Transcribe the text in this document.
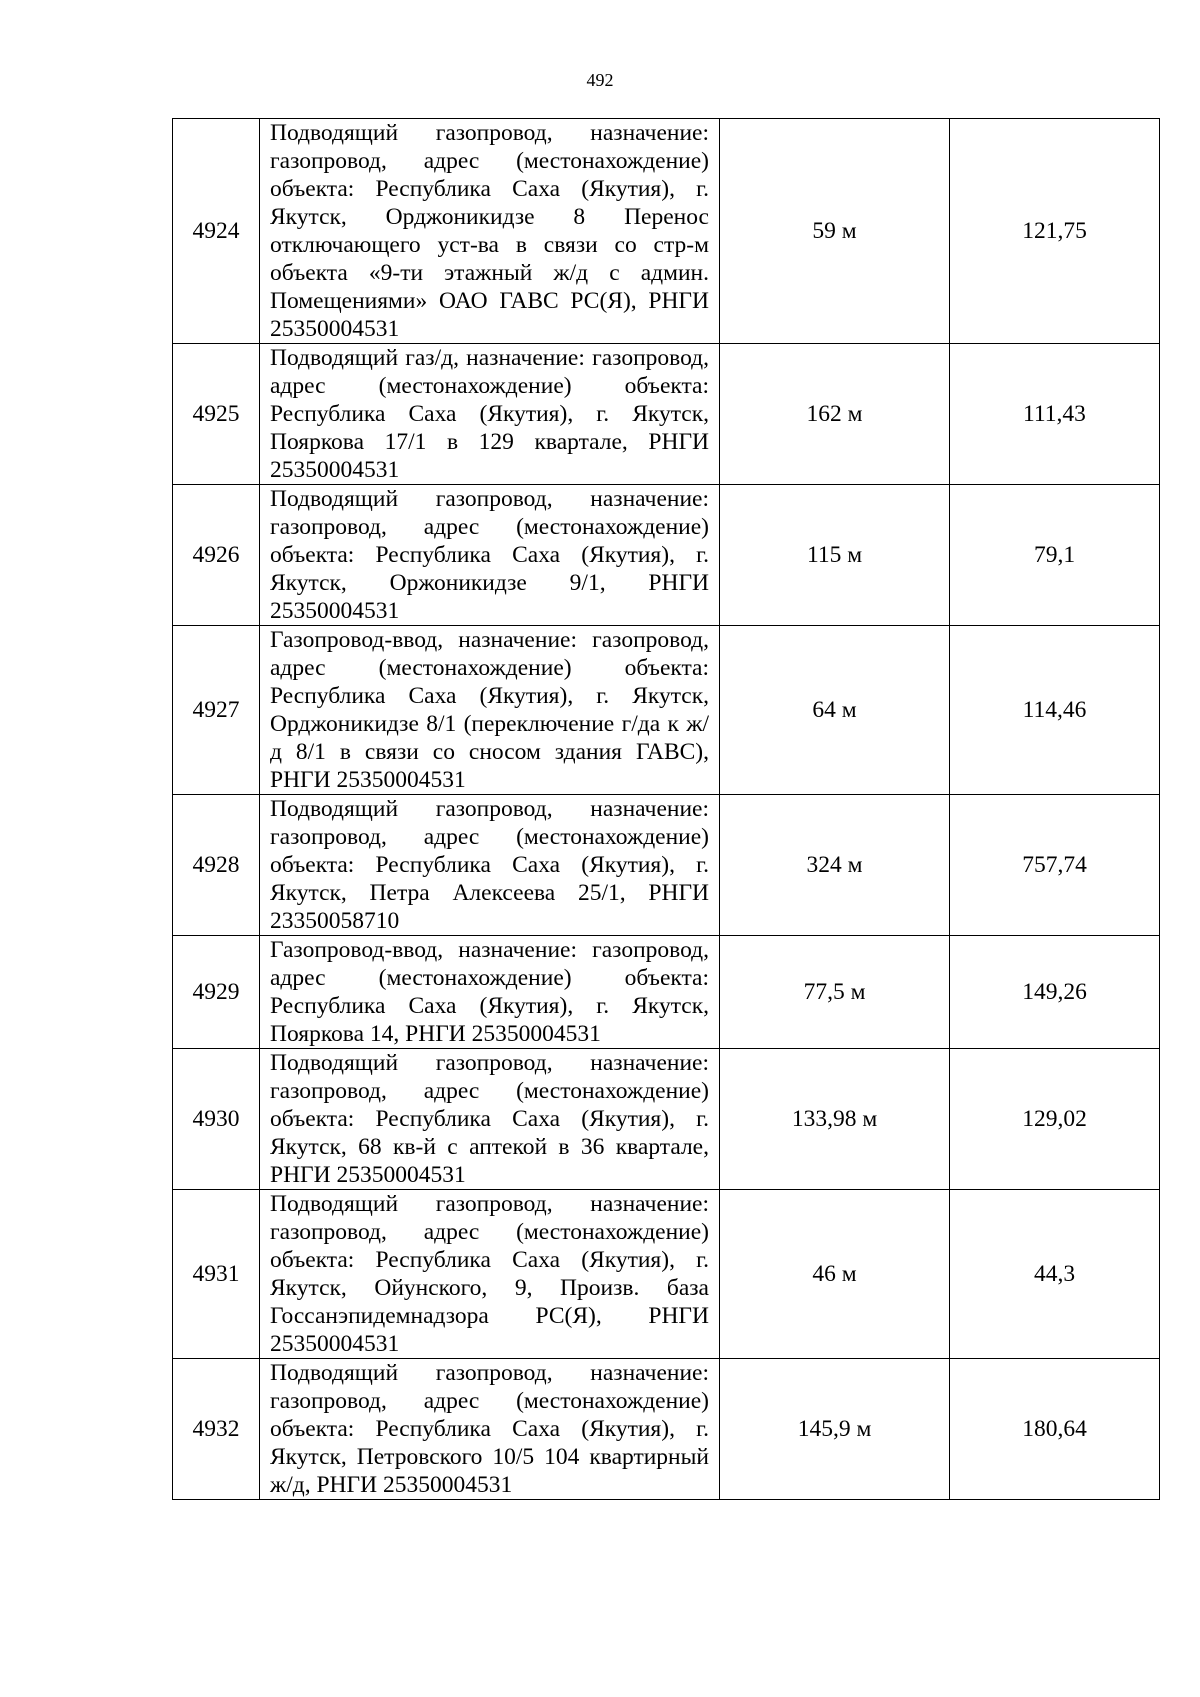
492
4924	Подводящий газопровод, назначение: газопровод, адрес (местонахождение) объекта: Республика Саха (Якутия), г. Якутск, Орджоникидзе 8 Перенос отключающего уст-ва в связи со стр-м объекта «9-ти этажный ж/д с админ. Помещениями» ОАО ГАВС РС(Я), РНГИ 25350004531	59 м	121,75
4925	Подводящий газ/д, назначение: газопровод, адрес (местонахождение) объекта: Республика Саха (Якутия), г. Якутск, Пояркова 17/1 в 129 квартале, РНГИ 25350004531	162 м	111,43
4926	Подводящий газопровод, назначение: газопровод, адрес (местонахождение) объекта: Республика Саха (Якутия), г. Якутск, Оржоникидзе 9/1, РНГИ 25350004531	115 м	79,1
4927	Газопровод-ввод, назначение: газопровод, адрес (местонахождение) объекта: Республика Саха (Якутия), г. Якутск, Орджоникидзе 8/1 (переключение г/да к ж/д 8/1 в связи со сносом здания ГАВС), РНГИ 25350004531	64 м	114,46
4928	Подводящий газопровод, назначение: газопровод, адрес (местонахождение) объекта: Республика Саха (Якутия), г. Якутск, Петра Алексеева 25/1, РНГИ 23350058710	324 м	757,74
4929	Газопровод-ввод, назначение: газопровод, адрес (местонахождение) объекта: Республика Саха (Якутия), г. Якутск, Пояркова 14, РНГИ 25350004531	77,5 м	149,26
4930	Подводящий газопровод, назначение: газопровод, адрес (местонахождение) объекта: Республика Саха (Якутия), г. Якутск, 68 кв-й с аптекой в 36 квартале, РНГИ 25350004531	133,98 м	129,02
4931	Подводящий газопровод, назначение: газопровод, адрес (местонахождение) объекта: Республика Саха (Якутия), г. Якутск, Ойунского, 9, Произв. база Госсанэпидемнадзора РС(Я), РНГИ 25350004531	46 м	44,3
4932	Подводящий газопровод, назначение: газопровод, адрес (местонахождение) объекта: Республика Саха (Якутия), г. Якутск, Петровского 10/5 104 квартирный ж/д, РНГИ 25350004531	145,9 м	180,64
